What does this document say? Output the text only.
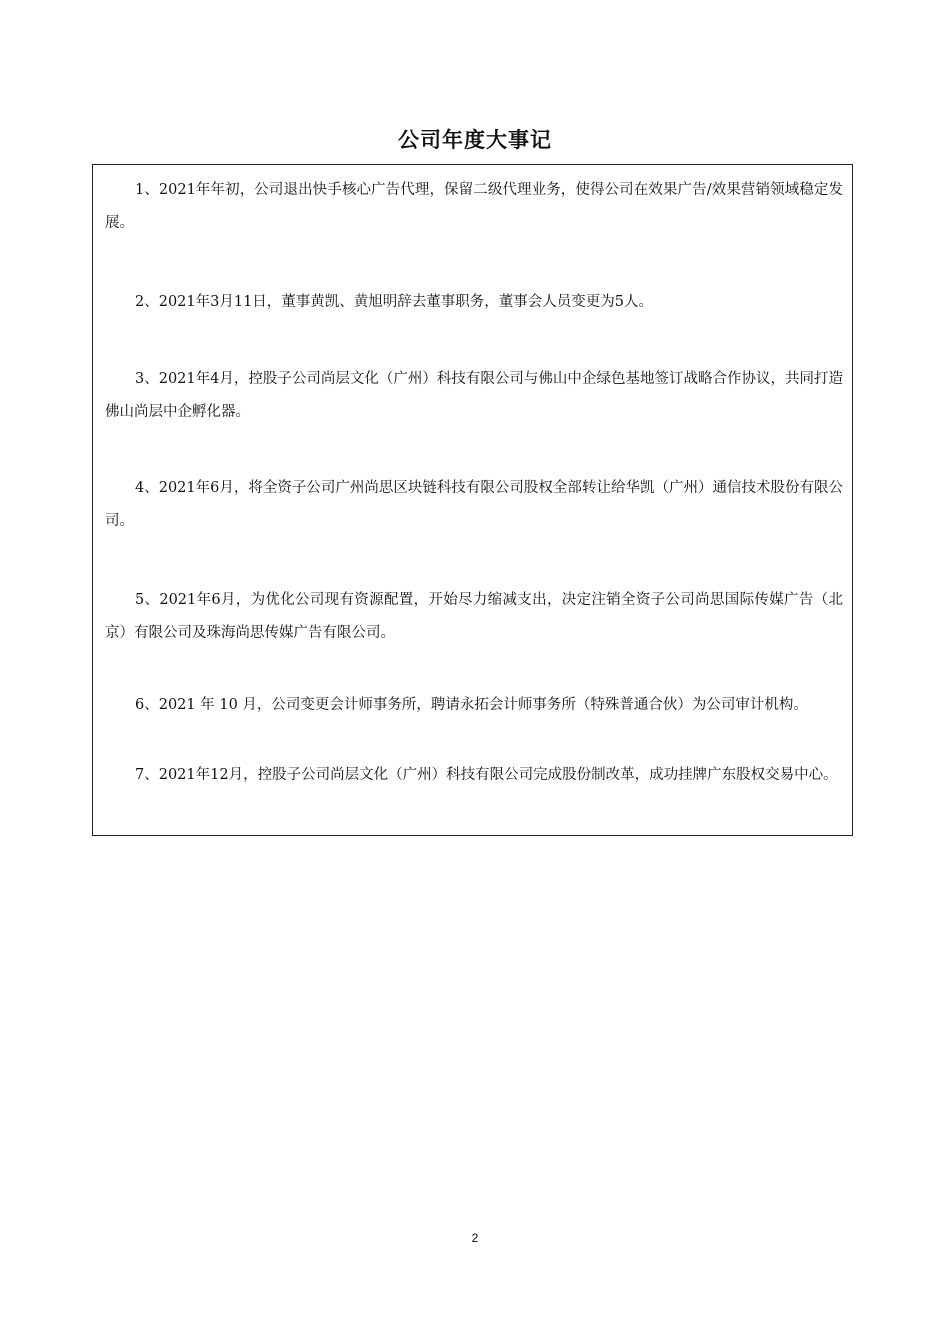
公司年度大事记

1、2021年年初，公司退出快手核心广告代理，保留二级代理业务，使得公司在效果广告/效果营销领域稳定发展。

2、2021年3月11日，董事黄凯、黄旭明辞去董事职务，董事会人员变更为5人。

3、2021年4月，控股子公司尚层文化（广州）科技有限公司与佛山中企绿色基地签订战略合作协议，共同打造佛山尚层中企孵化器。

4、2021年6月，将全资子公司广州尚思区块链科技有限公司股权全部转让给华凯（广州）通信技术股份有限公司。

5、2021年6月，为优化公司现有资源配置，开始尽力缩减支出，决定注销全资子公司尚思国际传媒广告（北京）有限公司及珠海尚思传媒广告有限公司。

6、2021 年 10 月，公司变更会计师事务所，聘请永拓会计师事务所（特殊普通合伙）为公司审计机构。

7、2021年12月，控股子公司尚层文化（广州）科技有限公司完成股份制改革，成功挂牌广东股权交易中心。

2
